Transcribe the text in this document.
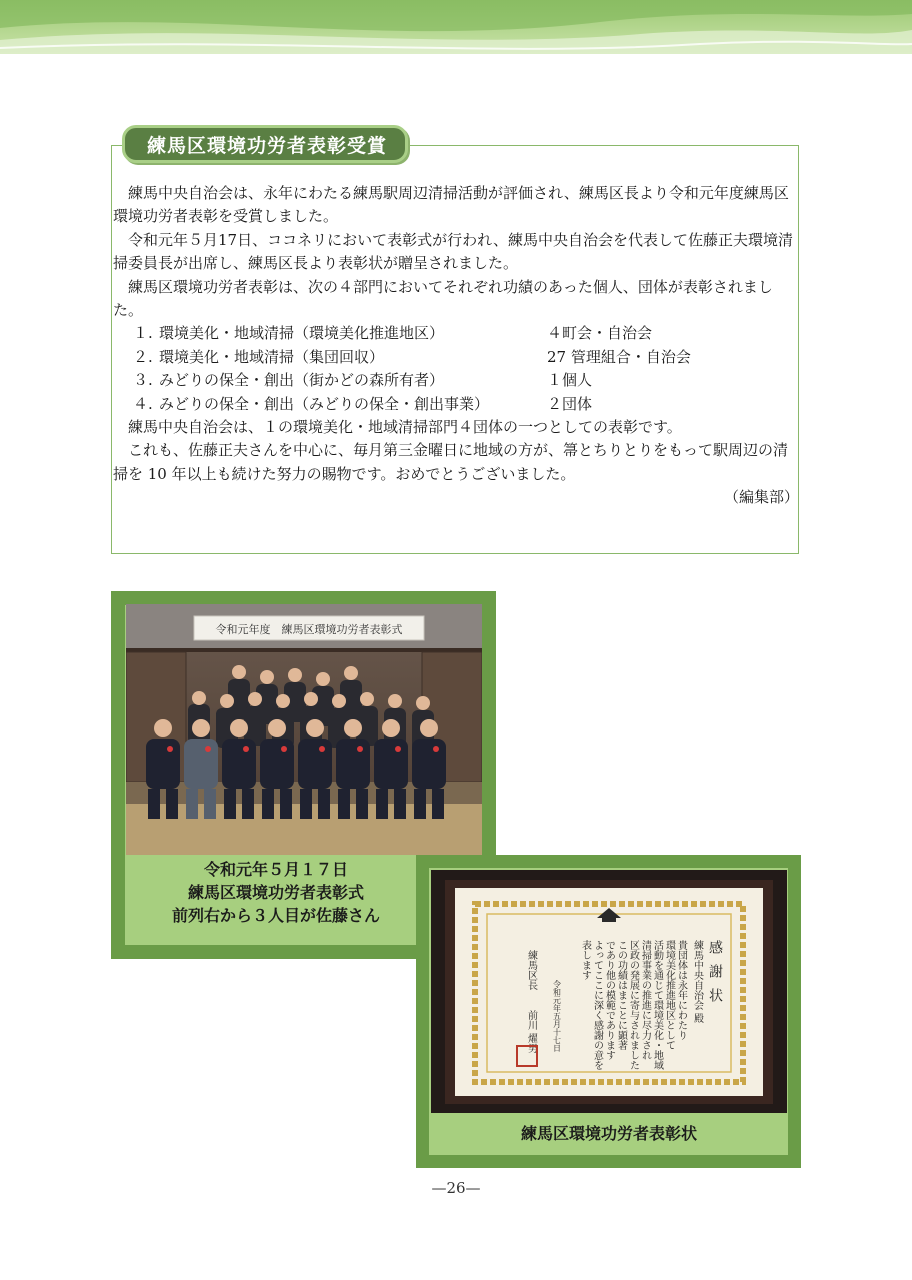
練馬区環境功労者表彰受賞

練馬中央自治会は、永年にわたる練馬駅周辺清掃活動が評価され、練馬区長より令和元年度練馬区環境功労者表彰を受賞しました。

令和元年５月17日、ココネリにおいて表彰式が行われ、練馬中央自治会を代表して佐藤正夫環境清掃委員長が出席し、練馬区長より表彰状が贈呈されました。

練馬区環境功労者表彰は、次の４部門においてそれぞれ功績のあった個人、団体が表彰されました。

１. 環境美化・地域清掃（環境美化推進地区）	４町会・自治会
２. 環境美化・地域清掃（集団回収）	27 管理組合・自治会
３. みどりの保全・創出（街かどの森所有者）	１個人
４. みどりの保全・創出（みどりの保全・創出事業）	２団体

練馬中央自治会は、１の環境美化・地域清掃部門４団体の一つとしての表彰です。

これも、佐藤正夫さんを中心に、毎月第三金曜日に地域の方が、箒とちりとりをもって駅周辺の清掃を 10 年以上も続けた努力の賜物です。おめでとうございました。

（編集部）
令和元年度　練馬区環境功労者表彰式
令和元年５月１７日
練馬区環境功労者表彰式
前列右から３人目が佐藤さん
感謝状
練馬中央自治会 殿
貴団体は永年にわたり
環境美化推進地区として
活動を通じて環境美化・地域
清掃事業の推進に尽力され
区政の発展に寄与されました
この功績はまことに顕著
であり他の模範であります
よってここに深く感謝の意を
表します
令和元年五月十七日
練馬区長
前川 燿男
練馬区環境功労者表彰状
—26—
